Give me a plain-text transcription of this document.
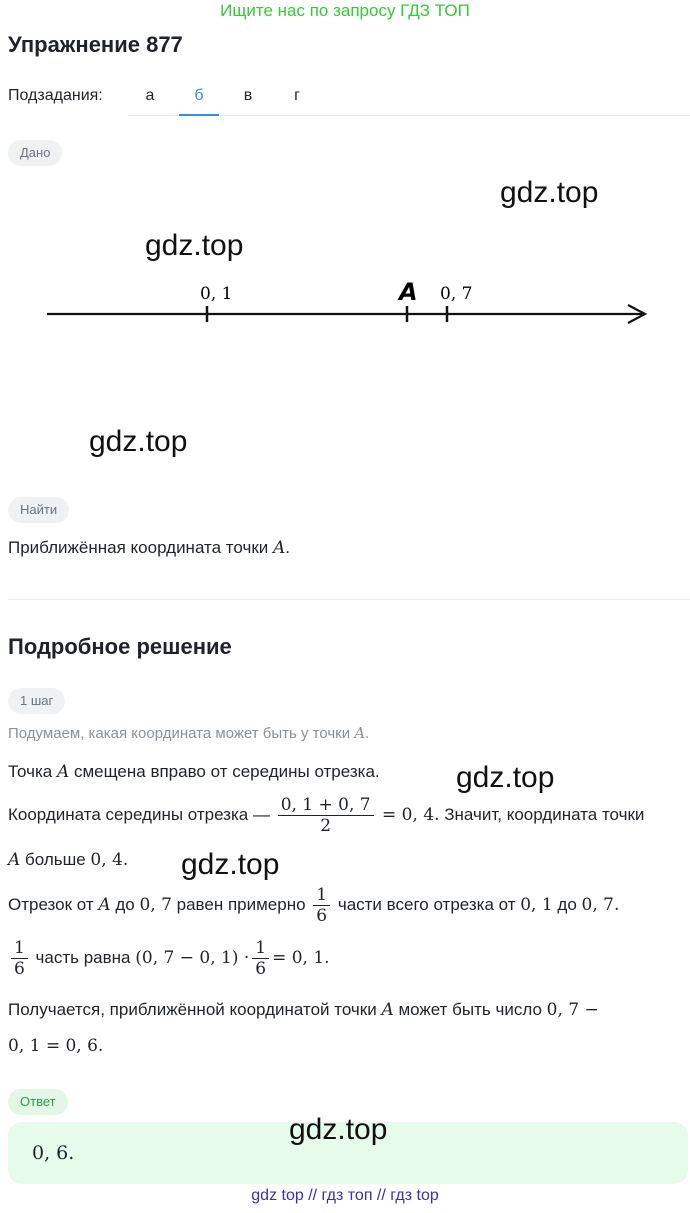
Ищите нас по запросу ГДЗ ТОП
Упражнение 877
Подзадания:	а	б	в	г
Дано
gdz.top
gdz.top
0, 1	A 0, 7
gdz.top
Найти
Приближённая координата точки A.
Подробное решение
1 шаг
Подумаем, какая координата может быть у точки A.
Точка A смещена вправо от середины отрезка.	gdz.top
Координата середины отрезка — $\frac{0, 1 + 0, 7}{2} = 0$, 4. Значит, координата точки
A больше 0, 4. gdz.top
Отрезок от A до 0, 7 равен примерно $\frac{1}{6}$ части всего отрезка от 0, 1 до 0, 7.
$\frac{1}{6}$ часть равна (0, 7 − 0, $1) \cdot \frac{1}{6} = 0$, 1.
Получается, приближённой координатой точки A может быть число 0, 7 −
0, 1 = 0, 6.
Ответ
0, 6.
gdz.top
gdz top // гдз топ // гдз top
